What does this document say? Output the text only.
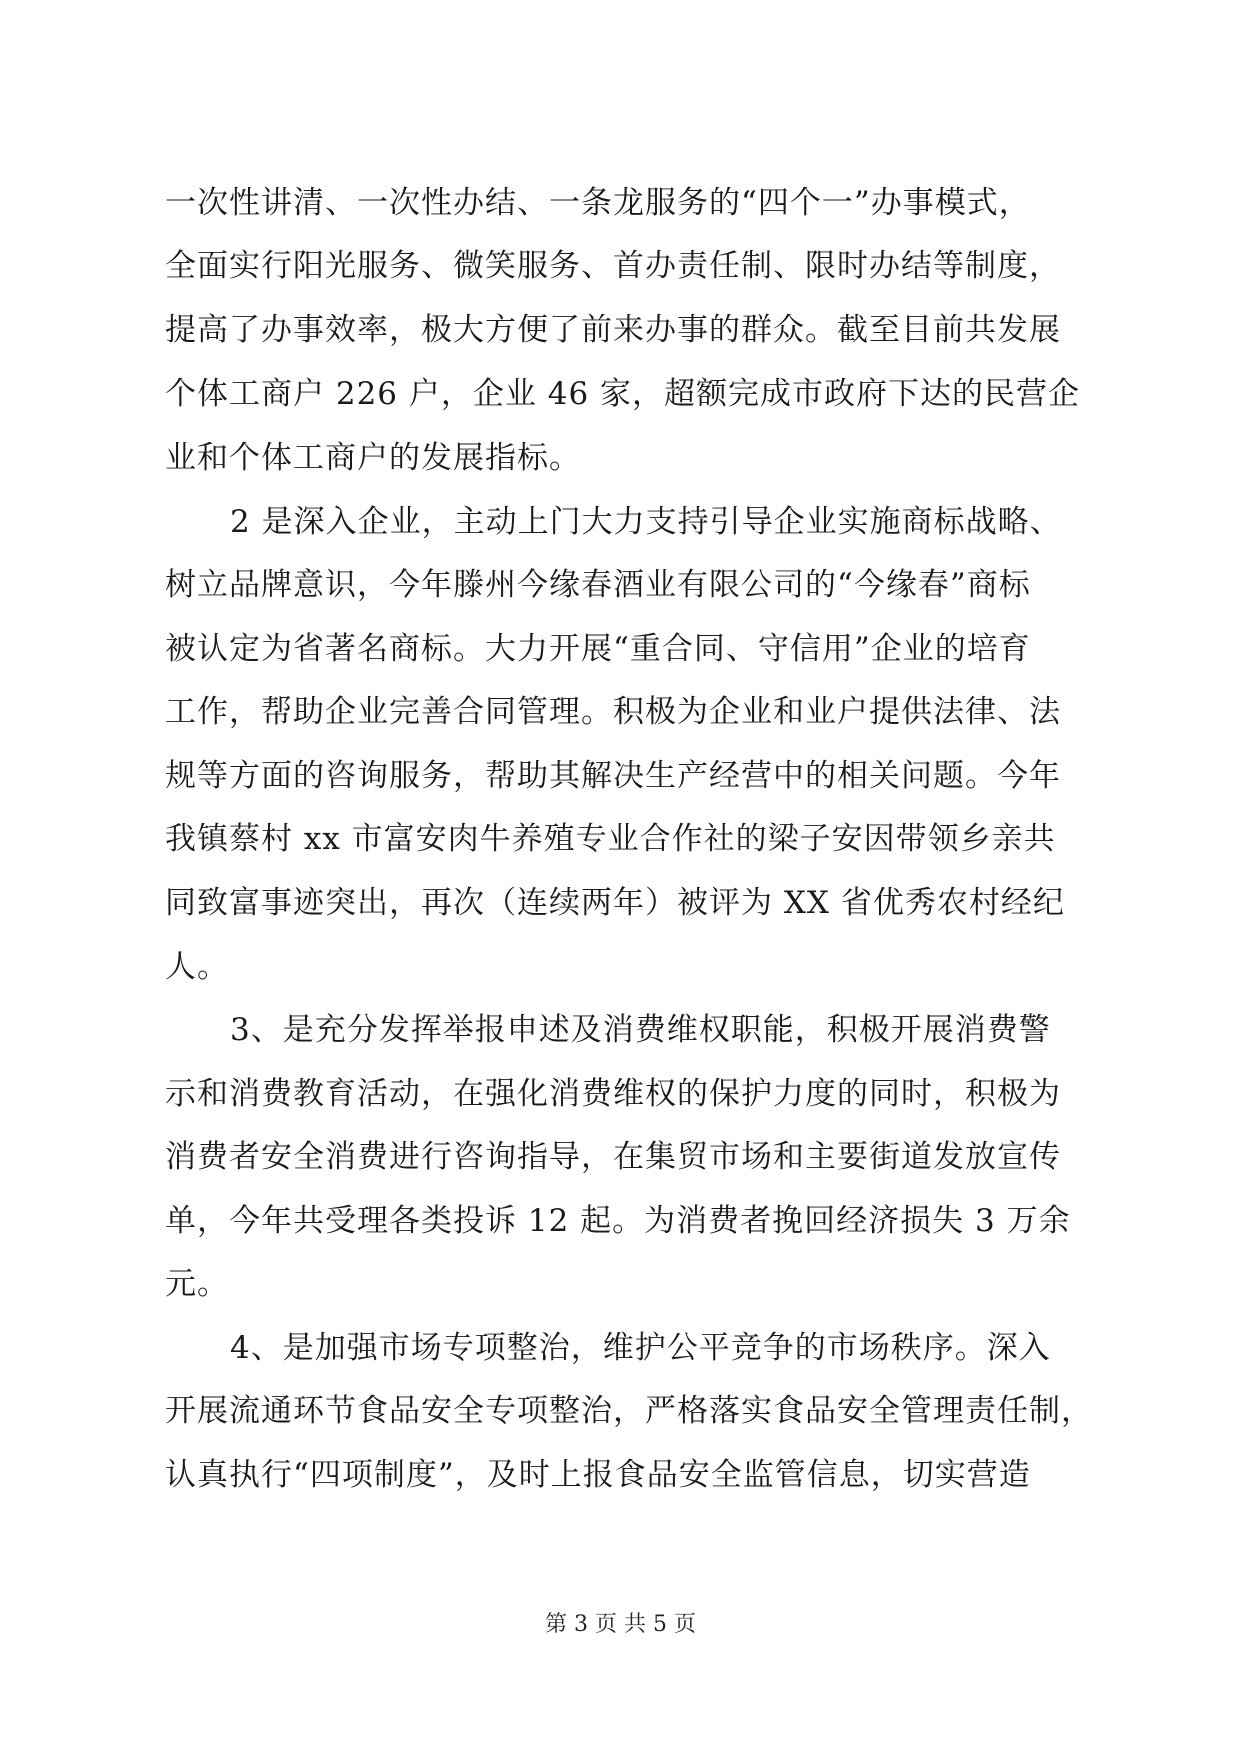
一次性讲清、一次性办结、一条龙服务的“四个一”办事模式，
全面实行阳光服务、微笑服务、首办责任制、限时办结等制度，
提高了办事效率，极大方便了前来办事的群众。截至目前共发展
个体工商户 226 户，企业 46 家，超额完成市政府下达的民营企
业和个体工商户的发展指标。
2 是深入企业，主动上门大力支持引导企业实施商标战略、
树立品牌意识，今年滕州今缘春酒业有限公司的“今缘春”商标
被认定为省著名商标。大力开展“重合同、守信用”企业的培育
工作，帮助企业完善合同管理。积极为企业和业户提供法律、法
规等方面的咨询服务，帮助其解决生产经营中的相关问题。今年
我镇蔡村 xx 市富安肉牛养殖专业合作社的梁子安因带领乡亲共
同致富事迹突出，再次（连续两年）被评为 XX 省优秀农村经纪
人。
3、是充分发挥举报申述及消费维权职能，积极开展消费警
示和消费教育活动，在强化消费维权的保护力度的同时，积极为
消费者安全消费进行咨询指导，在集贸市场和主要街道发放宣传
单，今年共受理各类投诉 12 起。为消费者挽回经济损失 3 万余
元。
4、是加强市场专项整治，维护公平竞争的市场秩序。深入
开展流通环节食品安全专项整治，严格落实食品安全管理责任制，
认真执行“四项制度”，及时上报食品安全监管信息，切实营造
第 3 页 共 5 页
